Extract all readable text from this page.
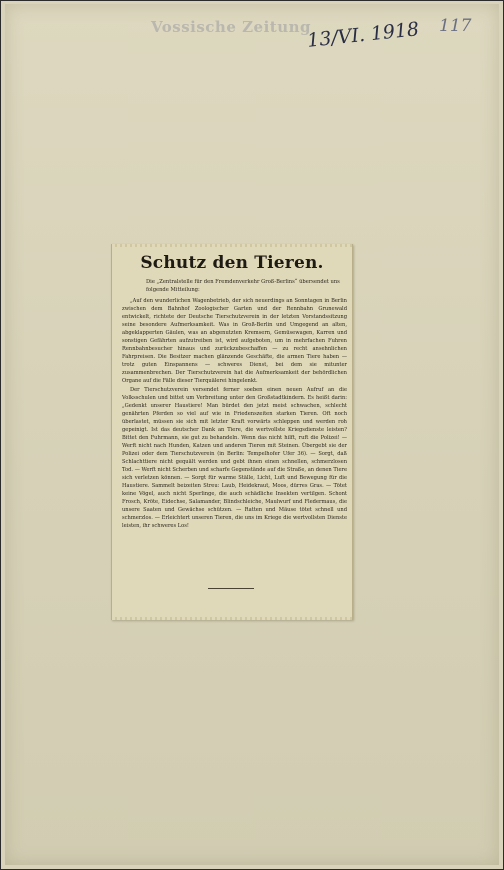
Vossische Zeitung
13/VI. 1918 117
Schutz den Tieren.
Die „Zentralstelle für den Fremdenverkehr Groß-Berlins“ übersendet uns folgende Mitteilung:

„Auf den wunderlichen Wagenbetrieb, der sich neuerdings an Sonntagen in Berlin zwischen dem Bahnhof Zoologischer Garten und der Rennbahn Grunewald entwickelt, richtete der Deutsche Tierschutzverein in der letzten Vorstandssitzung seine besondere Aufmerksamkeit. Was in Groß-Berlin und Umgegend an alten, abgeklapperten Gäulen, was an abgenutzten Kremsern, Gemüsewagen, Karren und sonstigen Gefährten aufzutreiben ist, wird aufgeboten, um in mehrfachen Fuhren Rennbahnbesucher hinaus und zurückzubeschaffen — zu recht ansehnlichen Fahrpreisen. Die Besitzer machen glänzende Geschäfte, die armen Tiere haben — trotz guten Einspannens — schweres Dienst, bei dem sie mitunter zusammenbrechen. Der Tierschutzverein hat die Aufmerksamkeit der behördlichen Organe auf die Fälle dieser Tierquälerei hingelenkt.

Der Tierschutzverein versendet ferner soeben einen neuen Aufruf an die Volksschulen und bittet um Verbreitung unter den Großstadtkindern. Es heißt darin: „Gedenkt unserer Haustiere! Man bürdet den jetzt meist schwachen, schlecht genährten Pferden so viel auf wie in Friedenszeiten starken Tieren. Oft noch überlastet, müssen sie sich mit letzter Kraft vorwärts schleppen und werden roh gepeinigt. Ist das deutscher Dank an Tiere, die wertvollste Kriegsdienste leisten? Bittet den Fuhrmann, sie gut zu behandeln. Wenn das nicht hilft, ruft die Polizei! — Werft nicht nach Hunden, Katzen und anderen Tieren mit Steinen. Übergebt sie der Polizei oder dem Tierschutzverein (in Berlin: Tempelhofer Ufer 36). — Sorgt, daß Schlachttiere nicht gequält werden und gebt ihnen einen schnellen, schmerzlosen Tod. — Werft nicht Scherben und scharfe Gegenstände auf die Straße, an denen Tiere sich verletzen können. — Sorgt für warme Ställe, Licht, Luft und Bewegung für die Haustiere. Sammelt beizeiten Streu: Laub, Heidekraut, Moos, dürres Gras. — Tötet keine Vögel, auch nicht Sperlinge, die auch schädliche Insekten vertilgen. Schont Frosch, Kröte, Eidechse, Salamander, Blindschleiche, Maulwurf und Fledermaus, die unsere Saaten und Gewächse schützen. — Ratten und Mäuse tötet schnell und schmerzlos. — Erleichtert unseren Tieren, die uns im Kriege die wertvollsten Dienste leisten, ihr schweres Los!
